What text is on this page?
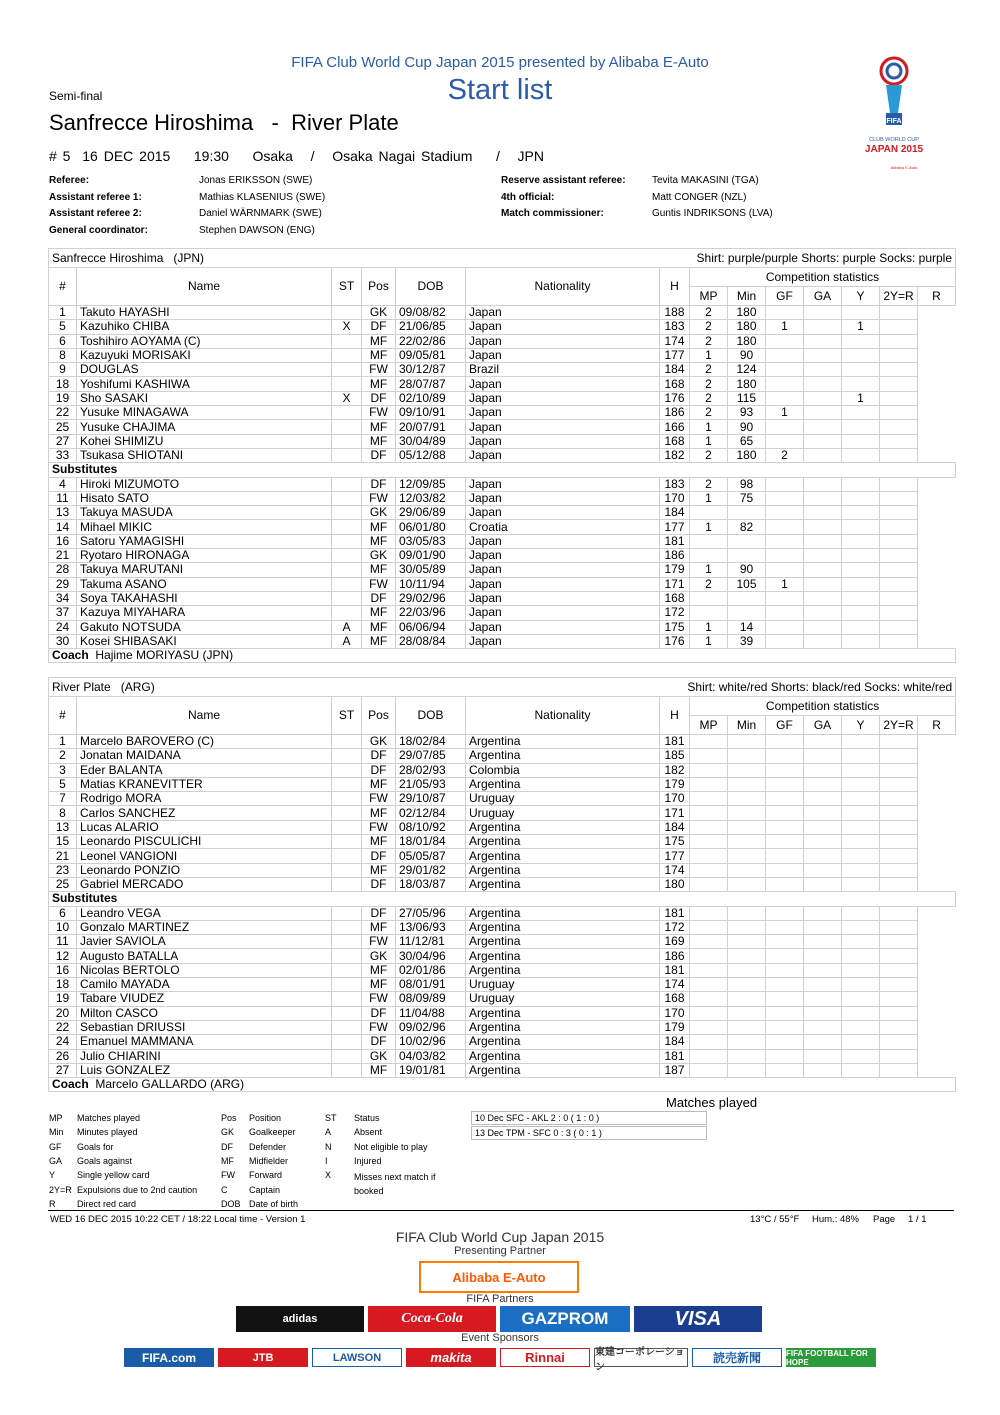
FIFA Club World Cup Japan 2015 presented by Alibaba E-Auto
Start list
Semi-final
Sanfrecce Hiroshima - River Plate
# 5 16 DEC 2015 19:30 Osaka / Osaka Nagai Stadium / JPN
Referee:	Jonas ERIKSSON (SWE)
Assistant referee 1:	Mathias KLASENIUS (SWE)
Assistant referee 2:	Daniel WÄRNMARK (SWE)
General coordinator:	Stephen DAWSON (ENG)
Reserve assistant referee:	Tevita MAKASINI (TGA)
4th official:	Matt CONGER (NZL)
Match commissioner:	Guntis INDRIKSONS (LVA)
FIFA
CLUB WORLD CUP
JAPAN 2015
Alibaba E-Auto
Sanfrecce Hiroshima (JPN) Shirt: purple/purple Shorts: purple Socks: purple													

#	Name	ST	Pos	DOB	Nationality	H	Competition statistics						
							MP	Min	GF	GA	Y	2Y=R	R
1	Takuto HAYASHI		GK	09/08/82	Japan	188	2	180					
5	Kazuhiko CHIBA	X	DF	21/06/85	Japan	183	2	180	1		1		
6	Toshihiro AOYAMA (C)		MF	22/02/86	Japan	174	2	180					
8	Kazuyuki MORISAKI		MF	09/05/81	Japan	177	1	90					
9	DOUGLAS		FW	30/12/87	Brazil	184	2	124					
18	Yoshifumi KASHIWA		MF	28/07/87	Japan	168	2	180					
19	Sho SASAKI	X	DF	02/10/89	Japan	176	2	115			1		
22	Yusuke MINAGAWA		FW	09/10/91	Japan	186	2	93	1				
25	Yusuke CHAJIMA		MF	20/07/91	Japan	166	1	90					
27	Kohei SHIMIZU		MF	30/04/89	Japan	168	1	65					
33	Tsukasa SHIOTANI		DF	05/12/88	Japan	182	2	180	2				
Substitutes													
4	Hiroki MIZUMOTO		DF	12/09/85	Japan	183	2	98					
11	Hisato SATO		FW	12/03/82	Japan	170	1	75					
13	Takuya MASUDA		GK	29/06/89	Japan	184							
14	Mihael MIKIC		MF	06/01/80	Croatia	177	1	82					
16	Satoru YAMAGISHI		MF	03/05/83	Japan	181							
21	Ryotaro HIRONAGA		GK	09/01/90	Japan	186							
28	Takuya MARUTANI		MF	30/05/89	Japan	179	1	90					
29	Takuma ASANO		FW	10/11/94	Japan	171	2	105	1				
34	Soya TAKAHASHI		DF	29/02/96	Japan	168							
37	Kazuya MIYAHARA		MF	22/03/96	Japan	172							
24	Gakuto NOTSUDA	A	MF	06/06/94	Japan	175	1	14					
30	Kosei SHIBASAKI	A	MF	28/08/84	Japan	176	1	39					
Coach Hajime MORIYASU (JPN)													
River Plate (ARG) Shirt: white/red Shorts: black/red Socks: white/red													

#	Name	ST	Pos	DOB	Nationality	H	Competition statistics						
							MP	Min	GF	GA	Y	2Y=R	R
1	Marcelo BAROVERO (C)		GK	18/02/84	Argentina	181							
2	Jonatan MAIDANA		DF	29/07/85	Argentina	185							
3	Eder BALANTA		DF	28/02/93	Colombia	182							
5	Matias KRANEVITTER		MF	21/05/93	Argentina	179							
7	Rodrigo MORA		FW	29/10/87	Uruguay	170							
8	Carlos SANCHEZ		MF	02/12/84	Uruguay	171							
13	Lucas ALARIO		FW	08/10/92	Argentina	184							
15	Leonardo PISCULICHI		MF	18/01/84	Argentina	175							
21	Leonel VANGIONI		DF	05/05/87	Argentina	177							
23	Leonardo PONZIO		MF	29/01/82	Argentina	174							
25	Gabriel MERCADO		DF	18/03/87	Argentina	180							
Substitutes													
6	Leandro VEGA		DF	27/05/96	Argentina	181							
10	Gonzalo MARTINEZ		MF	13/06/93	Argentina	172							
11	Javier SAVIOLA		FW	11/12/81	Argentina	169							
12	Augusto BATALLA		GK	30/04/96	Argentina	186							
16	Nicolas BERTOLO		MF	02/01/86	Argentina	181							
18	Camilo MAYADA		MF	08/01/91	Uruguay	174							
19	Tabare VIUDEZ		FW	08/09/89	Uruguay	168							
20	Milton CASCO		DF	11/04/88	Argentina	170							
22	Sebastian DRIUSSI		FW	09/02/96	Argentina	179							
24	Emanuel MAMMANA		DF	10/02/96	Argentina	184							
26	Julio CHIARINI		GK	04/03/82	Argentina	181							
27	Luis GONZALEZ		MF	19/01/81	Argentina	187							
Coach Marcelo GALLARDO (ARG)													
MP Matches played
Min Minutes played
GF Goals for
GA Goals against
Y Single yellow card
2Y=R Expulsions due to 2nd caution
R Direct red card
Pos Position
GK Goalkeeper
DF Defender
MF Midfielder
FW Forward
C Captain
DOB Date of birth
ST Status
A	Absent
N	Not eligible to play
I	Injured
X	Misses next match if booked
Matches played
10 Dec SFC - AKL 2 : 0 ( 1 : 0 )
13 Dec TPM - SFC 0 : 3 ( 0 : 1 )
WED 16 DEC 2015 10:22 CET / 18:22 Local time - Version 1	13°C / 55°F Hum.: 48% Page 1 / 1
FIFA Club World Cup Japan 2015
Presenting Partner
Alibaba E-Auto
FIFA Partners
adidas	Coca-Cola	GAZPROM	VISA
Event Sponsors
FIFA.com	JTB	LAWSON	makita	Rinnai	東建コーポレーション
読売新聞	FIFA FOOTBALL FOR HOPE
